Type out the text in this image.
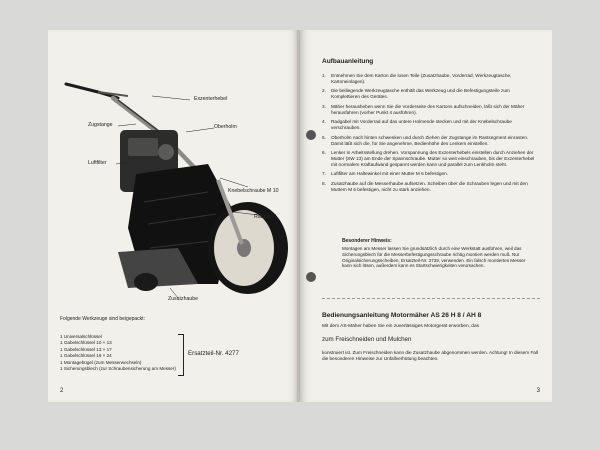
Exzenterhebel
Zugstange	Oberholm
Luftfilter
Knebelschraube M 10
Radgabel
Zusatzhaube
Folgende Werkzeuge sind beigepackt:
1 Universalschlüssel
1 Gabelschlüssel 10 × 13
1 Gabelschlüssel 13 × 17
1 Gabelschlüssel 19 × 24
1 Montagebügel (zum Messerwechseln)
1 Sicherungsblech (zur Schraubensicherung am Messer)
Ersatzteil-Nr. 4277
2
Aufbauanleitung
1.	Entnehmen Sie dem Karton die losen Teile (Zusatzhaube, Vorderrad, Werkzeugtasche, Kartoneinlagen).
2.	Die beiliegende Werkzeugtasche enthält das Werkzeug und die Befestigungsteile zum Komplettieren des Gerätes.
3.	Mäher herausheben wenn Sie die Vorderseite des Kartons aufschneiden, läßt sich der Mäher herausfahren (vorher Punkt 4 ausführen).
4.	Radgabel mit Vorderrad auf das untere Holmende stecken und mit der Knebelschraube verschrauben.
5.	Oberholm nach hinten schwenken und durch Ziehen der Zugstange im Rastsegment einrasten. Damit läßt sich die, für Sie angenehme, Bedienhöhe des Lenkers einstellen.
6.	Lenker in Arbeitsstellung drehen. Vorspannung des Exzenterhebels einstellen durch Anziehen der Mutter (SW 13) am Ende der Spannschraube. Mutter so weit einschrauben, bis der Exzenterhebel mit normalem Kraftaufwand gespannt werden kann und parallel zum Lenkholm steht.
7.	Luftfilter am Haltewinkel mit einer Mutter M 6 befestigen.
8.	Zusatzhaube auf die Messerhaube aufsetzen. Scheiben über die Schrauben legen und mit den Muttern M 6 befestigen, nicht zu stark anziehen.
Besonderer Hinweis:

Montagen am Messer lassen Sie grundsätzlich durch eine Werkstatt ausführen, weil das Sicherungsblech für die Messerbefestigungsschraube richtig montiert werden muß. Nur Originalsicherungsscheiben, Ersatzteil-Nr. 3739, verwenden. Ein falsch montiertes Messer kann sich lösen, außerdem kann es Startschwierigkeiten verursachen.

Bedienungsanleitung Motormäher AS 26 H 8 / AH 8
Mit dem AS-Mäher haben Sie ein zuverlässiges Motorgerät erworben, das
zum Freischneiden und Mulchen

konstruiert ist. Zum Freischneiden kann die Zusatzhaube abgenommen werden. Achtung! In diesem Fall die besonderen Hinweise zur Unfallverhütung beachten.

3
